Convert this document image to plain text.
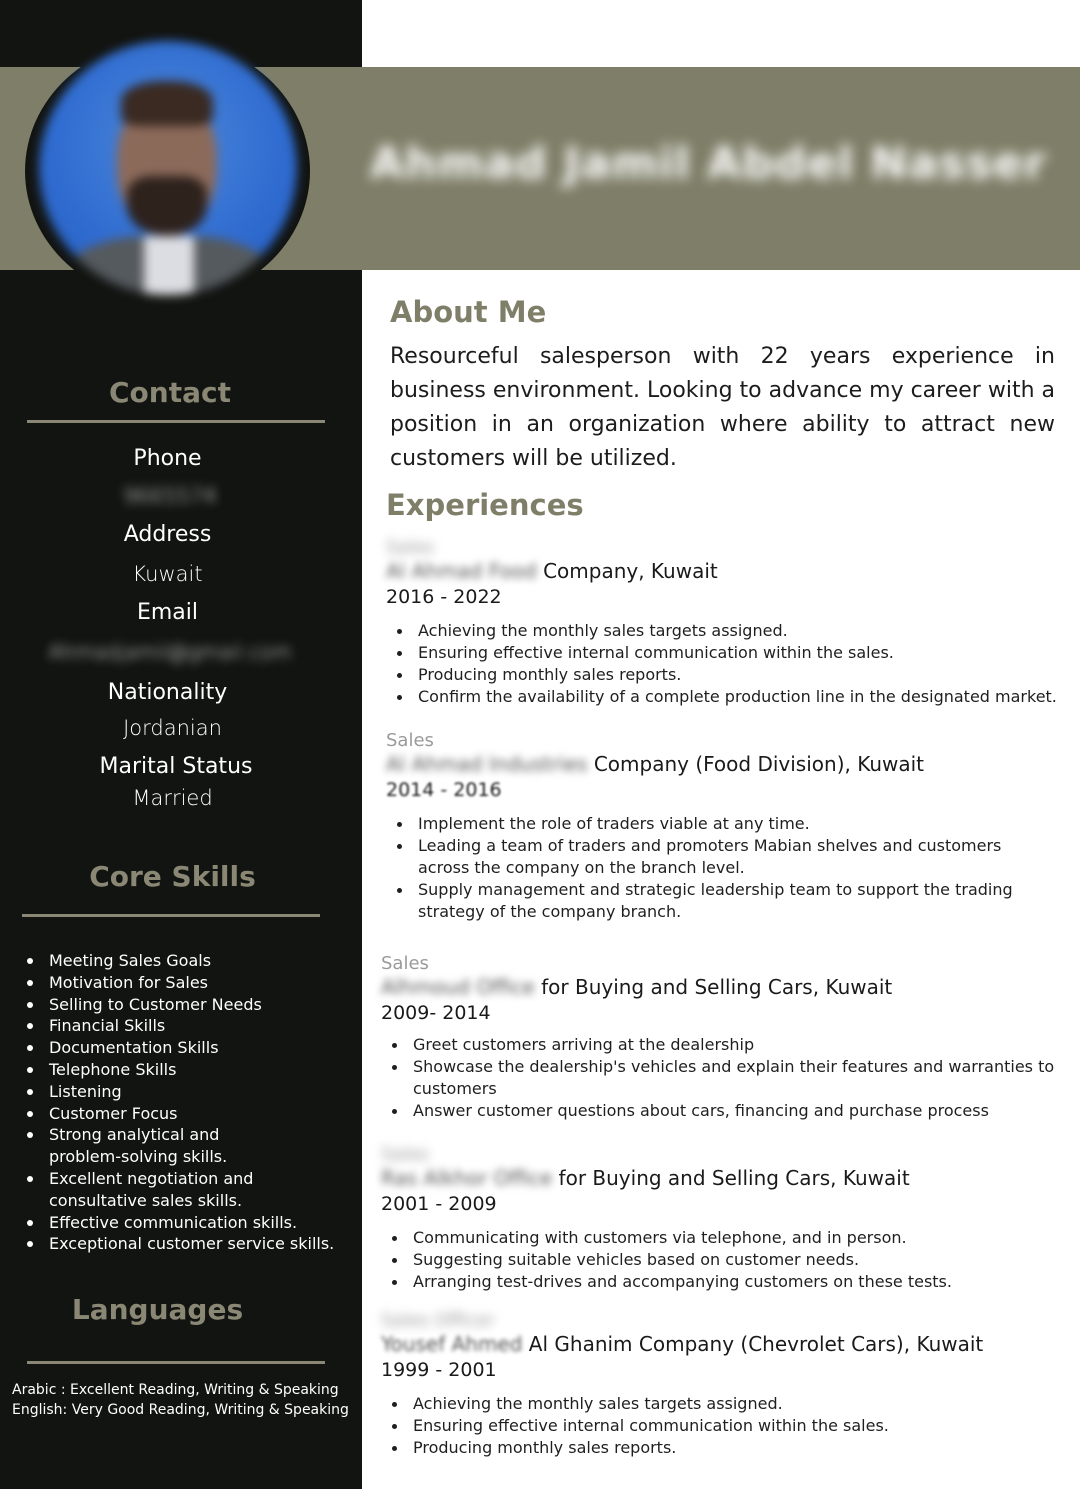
Ahmad Jamil Abdel Nasser
Contact
Phone
9665574
Address
Kuwait
Email
Ahmadjamil@gmail.com
Nationality
Jordanian
Marital Status
Married
Core Skills
Meeting Sales Goals
Motivation for Sales
Selling to Customer Needs
Financial Skills
Documentation Skills
Telephone Skills
Listening
Customer Focus
Strong analytical and problem-solving skills.
Excellent negotiation and consultative sales skills.
Effective communication skills.
Exceptional customer service skills.
Languages
Arabic : Excellent Reading, Writing & Speaking
English: Very Good Reading, Writing & Speaking
About Me
Resourceful salesperson with 22 years experience in business environment. Looking to advance my career with a position in an organization where ability to attract new customers will be utilized.
Experiences
Sales
Al Ahmad Food Company, Kuwait
2016 - 2022
Achieving the monthly sales targets assigned.
Ensuring effective internal communication within the sales.
Producing monthly sales reports.
Confirm the availability of a complete production line in the designated market.
Sales
Al Ahmad Industries Company (Food Division), Kuwait
2014 - 2016
Implement the role of traders viable at any time.
Leading a team of traders and promoters Mabian shelves and customers across the company on the branch level.
Supply management and strategic leadership team to support the trading strategy of the company branch.
Sales
Alhmoud Office for Buying and Selling Cars, Kuwait
2009- 2014
Greet customers arriving at the dealership
Showcase the dealership's vehicles and explain their features and warranties to customers
Answer customer questions about cars, financing and purchase process
Sales
Ras Alkhor Office for Buying and Selling Cars, Kuwait
2001 - 2009
Communicating with customers via telephone, and in person.
Suggesting suitable vehicles based on customer needs.
Arranging test-drives and accompanying customers on these tests.
Sales Officer
Yousef Ahmed Al Ghanim Company (Chevrolet Cars), Kuwait
1999 - 2001
Achieving the monthly sales targets assigned.
Ensuring effective internal communication within the sales.
Producing monthly sales reports.
